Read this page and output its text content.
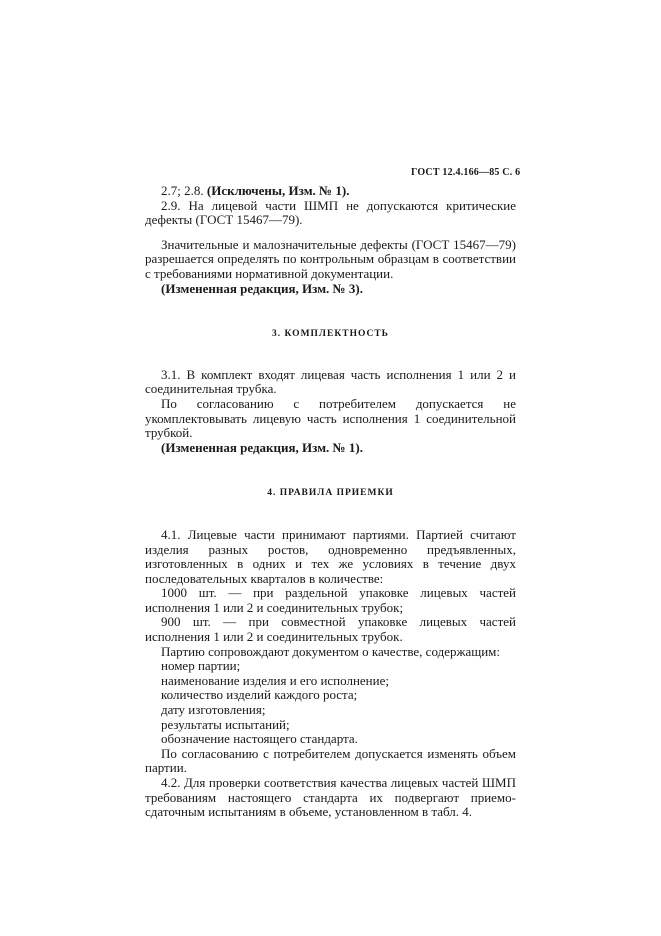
ГОСТ 12.4.166—85 С. 6

2.7; 2.8. (Исключены, Изм. № 1).

2.9. На лицевой части ШМП не допускаются критические дефекты (ГОСТ 15467—79).

Значительные и малозначительные дефекты (ГОСТ 15467—79) разрешается определять по контрольным образцам в соответствии с требованиями нормативной документации.

(Измененная редакция, Изм. № 3).

3. КОМПЛЕКТНОСТЬ

3.1. В комплект входят лицевая часть исполнения 1 или 2 и соединительная трубка.

По согласованию с потребителем допускается не укомплектовывать лицевую часть исполнения 1 соединительной трубкой.

(Измененная редакция, Изм. № 1).

4. ПРАВИЛА ПРИЕМКИ

4.1. Лицевые части принимают партиями. Партией считают изделия разных ростов, одновременно предъявленных, изготовленных в одних и тех же условиях в течение двух последовательных кварталов в количестве:

1000 шт. — при раздельной упаковке лицевых частей исполнения 1 или 2 и соединительных трубок;

900 шт. — при совместной упаковке лицевых частей исполнения 1 или 2 и соединительных трубок.

Партию сопровождают документом о качестве, содержащим:

номер партии;

наименование изделия и его исполнение;

количество изделий каждого роста;

дату изготовления;

результаты испытаний;

обозначение настоящего стандарта.

По согласованию с потребителем допускается изменять объем партии.

4.2. Для проверки соответствия качества лицевых частей ШМП требованиям настоящего стандарта их подвергают приемо-сдаточным испытаниям в объеме, установленном в табл. 4.
